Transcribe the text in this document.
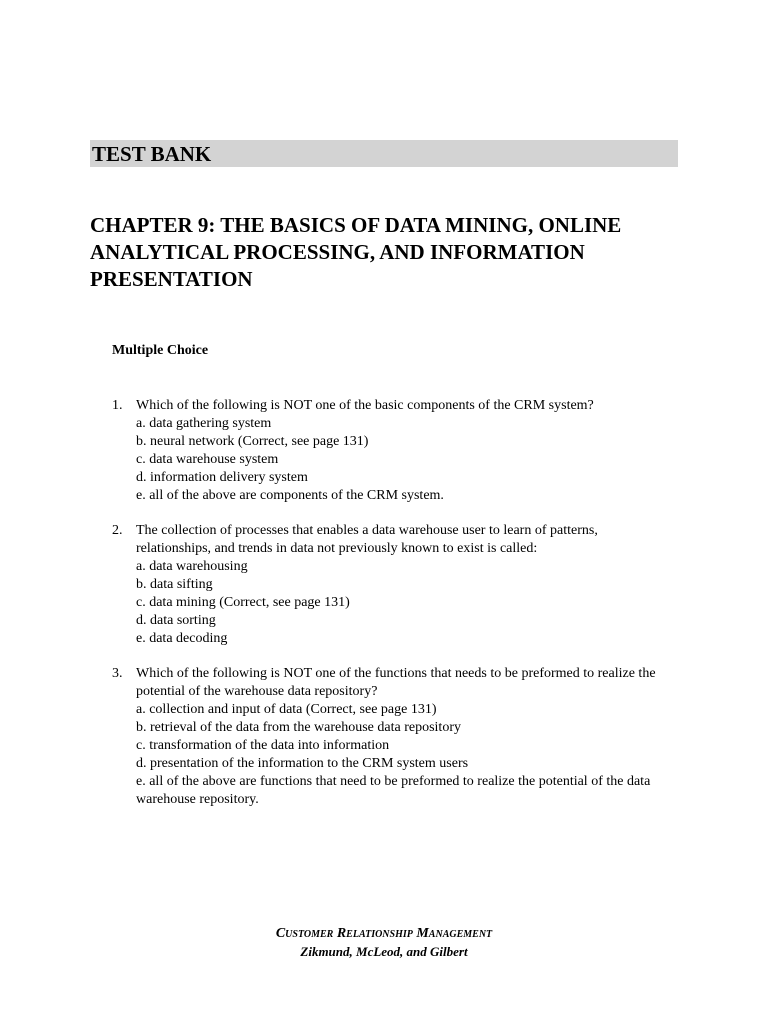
TEST BANK
CHAPTER 9: THE BASICS OF DATA MINING, ONLINE ANALYTICAL PROCESSING, AND INFORMATION PRESENTATION
Multiple Choice
1. Which of the following is NOT one of the basic components of the CRM system?
a. data gathering system
b. neural network (Correct, see page 131)
c. data warehouse system
d. information delivery system
e. all of the above are components of the CRM system.
2. The collection of processes that enables a data warehouse user to learn of patterns, relationships, and trends in data not previously known to exist is called:
a. data warehousing
b. data sifting
c. data mining (Correct, see page 131)
d. data sorting
e. data decoding
3. Which of the following is NOT one of the functions that needs to be preformed to realize the potential of the warehouse data repository?
a. collection and input of data (Correct, see page 131)
b. retrieval of the data from the warehouse data repository
c. transformation of the data into information
d. presentation of the information to the CRM system users
e. all of the above are functions that need to be preformed to realize the potential of the data warehouse repository.
Customer Relationship Management
Zikmund, McLeod, and Gilbert
